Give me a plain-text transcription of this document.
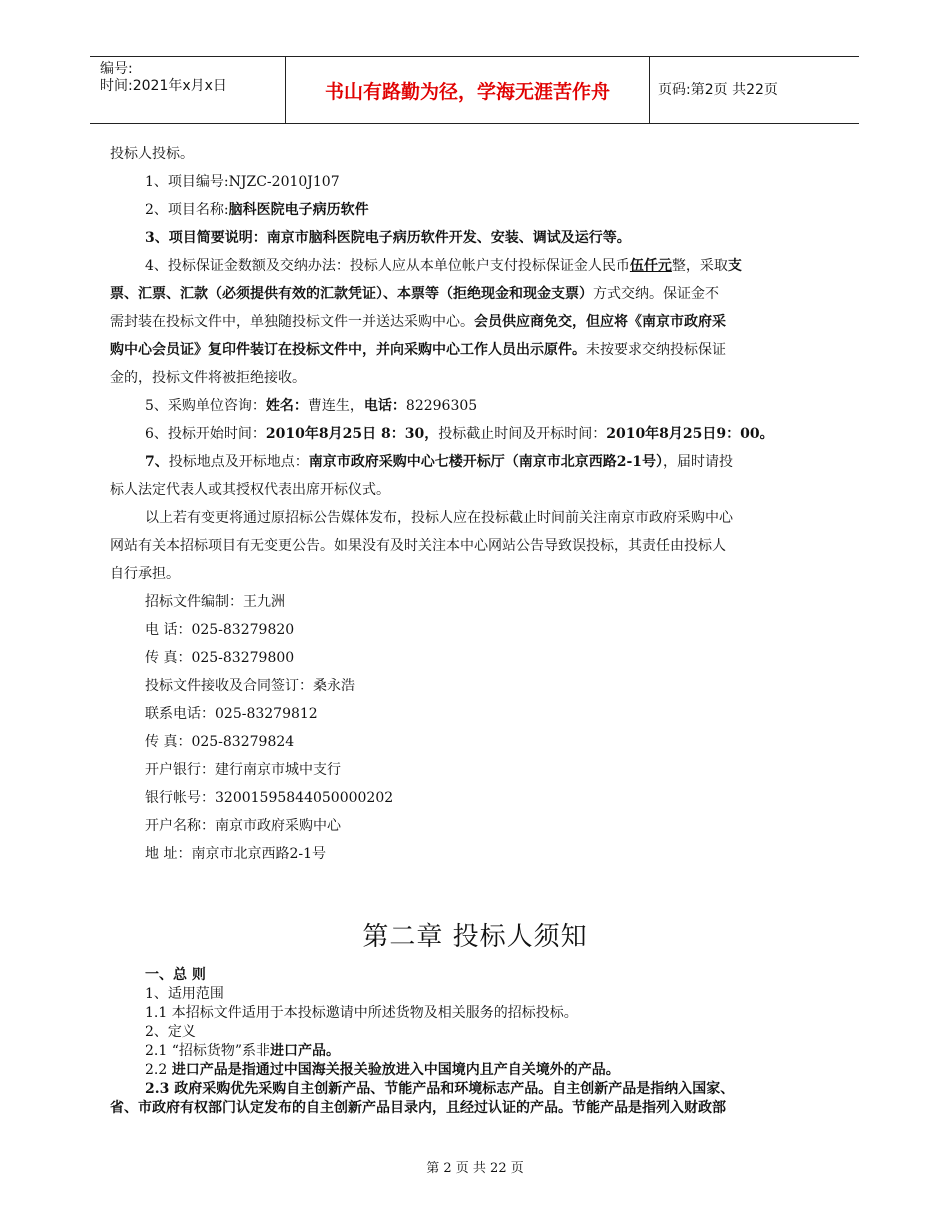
编号:
时间:2021年x月x日	书山有路勤为径，学海无涯苦作舟	页码:第2页 共22页
投标人投标。
1、项目编号:NJZC-2010J107
2、项目名称:脑科医院电子病历软件
3、项目简要说明：南京市脑科医院电子病历软件开发、安装、调试及运行等。
4、投标保证金数额及交纳办法：投标人应从本单位帐户支付投标保证金人民币伍仟元整，采取支
票、汇票、汇款（必须提供有效的汇款凭证）、本票等（拒绝现金和现金支票）方式交纳。保证金不
需封装在投标文件中，单独随投标文件一并送达采购中心。会员供应商免交，但应将《南京市政府采
购中心会员证》复印件装订在投标文件中，并向采购中心工作人员出示原件。未按要求交纳投标保证
金的，投标文件将被拒绝接收。
5、采购单位咨询：姓名：曹连生，电话：82296305
6、投标开始时间：2010年8月25日 8：30，投标截止时间及开标时间：2010年8月25日9：00。
7、投标地点及开标地点：南京市政府采购中心七楼开标厅（南京市北京西路2-1号），届时请投
标人法定代表人或其授权代表出席开标仪式。
以上若有变更将通过原招标公告媒体发布，投标人应在投标截止时间前关注南京市政府采购中心
网站有关本招标项目有无变更公告。如果没有及时关注本中心网站公告导致误投标，其责任由投标人
自行承担。
招标文件编制：王九洲
电 话：025-83279820
传 真：025-83279800
投标文件接收及合同签订：桑永浩
联系电话：025-83279812
传 真：025-83279824
开户银行：建行南京市城中支行
银行帐号：32001595844050000202
开户名称：南京市政府采购中心
地 址：南京市北京西路2-1号
第二章 投标人须知
一、总 则
1、适用范围
1.1 本招标文件适用于本投标邀请中所述货物及相关服务的招标投标。
2、定义
2.1 “招标货物”系非进口产品。
2.2 进口产品是指通过中国海关报关验放进入中国境内且产自关境外的产品。
2.3 政府采购优先采购自主创新产品、节能产品和环境标志产品。自主创新产品是指纳入国家、
省、市政府有权部门认定发布的自主创新产品目录内，且经过认证的产品。节能产品是指列入财政部
第 2 页 共 22 页
